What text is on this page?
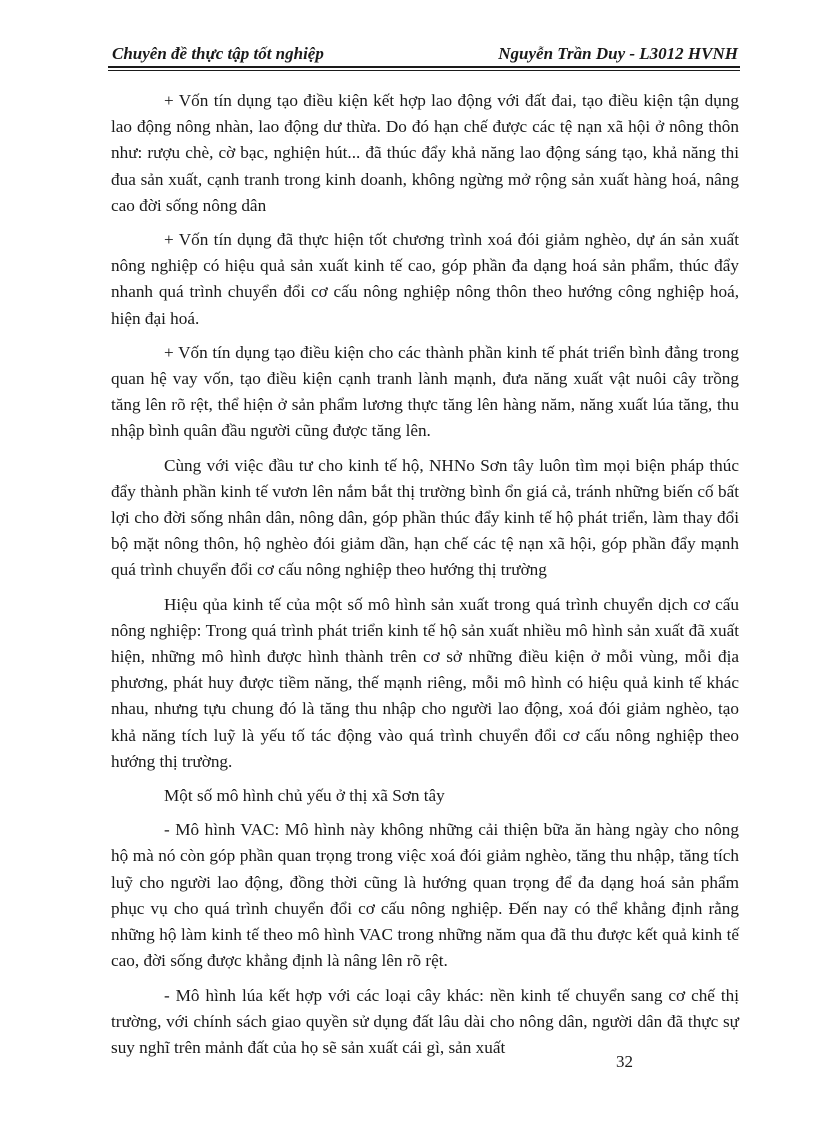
Chuyên đề thực tập tốt nghiệp	Nguyễn Trần Duy - L3012 HVNH

+ Vốn tín dụng tạo điều kiện kết hợp lao động với đất đai, tạo điều kiện tận dụng lao động nông nhàn, lao động dư thừa. Do đó hạn chế được các tệ nạn xã hội ở nông thôn như: rượu chè, cờ bạc, nghiện hút... đã thúc đẩy khả năng lao động sáng tạo, khả năng thi đua sản xuất, cạnh tranh trong kinh doanh, không ngừng mở rộng sản xuất hàng hoá, nâng cao đời sống nông dân

+ Vốn tín dụng đã thực hiện tốt chương trình xoá đói giảm nghèo, dự án sản xuất nông nghiệp có hiệu quả sản xuất kinh tế cao, góp phần đa dạng hoá sản phẩm, thúc đẩy nhanh quá trình chuyển đổi cơ cấu nông nghiệp nông thôn theo hướng công nghiệp hoá, hiện đại hoá.

+ Vốn tín dụng tạo điều kiện cho các thành phần kinh tế phát triển bình đẳng trong quan hệ vay vốn, tạo điều kiện cạnh tranh lành mạnh, đưa năng xuất vật nuôi cây trồng tăng lên rõ rệt, thể hiện ở sản phẩm lương thực tăng lên hàng năm, năng xuất lúa tăng, thu nhập bình quân đầu người cũng được tăng lên.

Cùng với việc đầu tư cho kinh tế hộ, NHNo Sơn tây luôn tìm mọi biện pháp thúc đẩy thành phần kinh tế vươn lên nắm bắt thị trường bình ổn giá cả, tránh những biến cố bất lợi cho đời sống nhân dân, nông dân, góp phần thúc đẩy kinh tế hộ phát triển, làm thay đổi bộ mặt nông thôn, hộ nghèo đói giảm dần, hạn chế các tệ nạn xã hội, góp phần đẩy mạnh quá trình chuyển đổi cơ cấu nông nghiệp theo hướng thị trường

Hiệu qủa kinh tế của một số mô hình sản xuất trong quá trình chuyển dịch cơ cấu nông nghiệp: Trong quá trình phát triển kinh tế hộ sản xuất nhiều mô hình sản xuất đã xuất hiện, những mô hình được hình thành trên cơ sở những điều kiện ở mỗi vùng, mỗi địa phương, phát huy được tiềm năng, thế mạnh riêng, mỗi mô hình có hiệu quả kinh tế khác nhau, nhưng tựu chung đó là tăng thu nhập cho người lao động, xoá đói giảm nghèo, tạo khả năng tích luỹ là yếu tố tác động vào quá trình chuyển đổi cơ cấu nông nghiệp theo hướng thị trường.

Một số mô hình chủ yếu ở thị xã Sơn tây

- Mô hình VAC: Mô hình này không những cải thiện bữa ăn hàng ngày cho nông hộ mà nó còn góp phần quan trọng trong việc xoá đói giảm nghèo, tăng thu nhập, tăng tích luỹ cho người lao động, đồng thời cũng là hướng quan trọng để đa dạng hoá sản phẩm phục vụ cho quá trình chuyển đổi cơ cấu nông nghiệp. Đến nay có thể khẳng định rằng những hộ làm kinh tế theo mô hình VAC trong những năm qua đã thu được kết quả kinh tế cao, đời sống được khẳng định là nâng lên rõ rệt.

- Mô hình lúa kết hợp với các loại cây khác: nền kinh tế chuyển sang cơ chế thị trường, với chính sách giao quyền sử dụng đất lâu dài cho nông dân, người dân đã thực sự suy nghĩ trên mảnh đất của họ sẽ sản xuất cái gì, sản xuất

32
